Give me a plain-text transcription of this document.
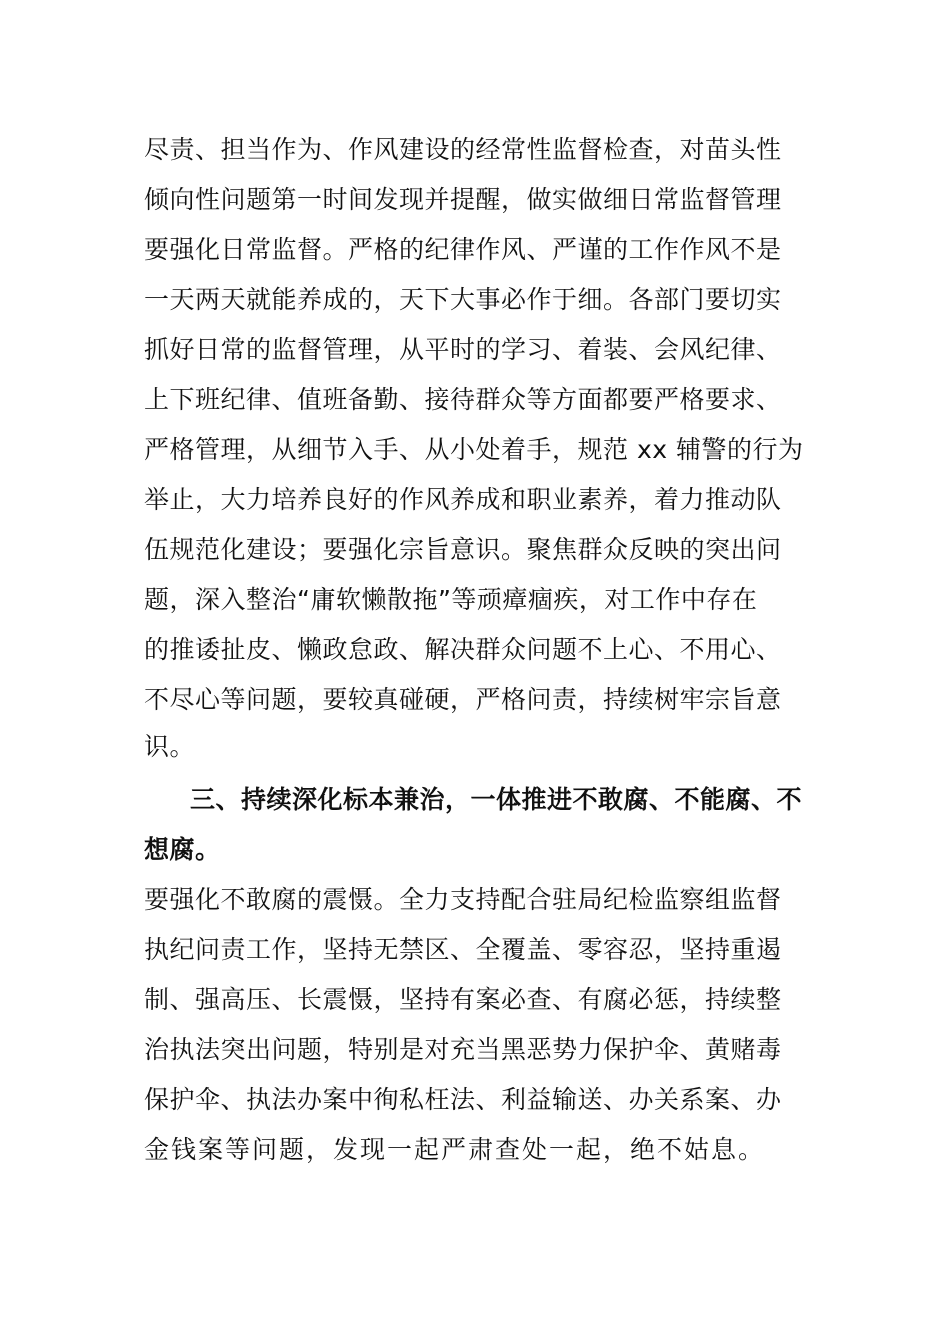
尽责、担当作为、作风建设的经常性监督检查，对苗头性
倾向性问题第一时间发现并提醒，做实做细日常监督管理
要强化日常监督。严格的纪律作风、严谨的工作作风不是
一天两天就能养成的，天下大事必作于细。各部门要切实
抓好日常的监督管理，从平时的学习、着装、会风纪律、
上下班纪律、值班备勤、接待群众等方面都要严格要求、
严格管理，从细节入手、从小处着手，规范 xx 辅警的行为
举止，大力培养良好的作风养成和职业素养，着力推动队
伍规范化建设；要强化宗旨意识。聚焦群众反映的突出问
题，深入整治“庸软懒散拖”等顽瘴痼疾，对工作中存在
的推诿扯皮、懒政怠政、解决群众问题不上心、不用心、
不尽心等问题，要较真碰硬，严格问责，持续树牢宗旨意
识。
三、持续深化标本兼治，一体推进不敢腐、不能腐、不
想腐。
要强化不敢腐的震慑。全力支持配合驻局纪检监察组监督
执纪问责工作，坚持无禁区、全覆盖、零容忍，坚持重遏
制、强高压、长震慑，坚持有案必查、有腐必惩，持续整
治执法突出问题，特别是对充当黑恶势力保护伞、黄赌毒
保护伞、执法办案中徇私枉法、利益输送、办关系案、办
金钱案等问题，发现一起严肃查处一起，绝不姑息。
